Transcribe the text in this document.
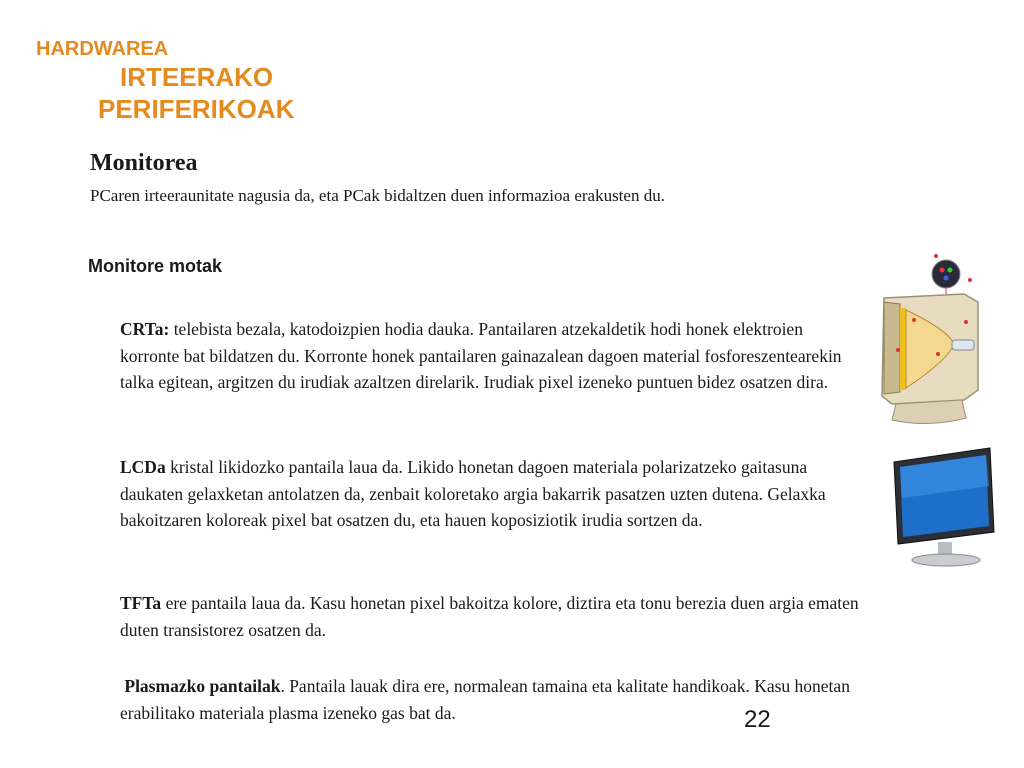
HARDWAREA
IRTEERAKO
PERIFERIKOAK
Monitorea
PCaren irteeraunitate nagusia da, eta PCak bidaltzen duen informazioa erakusten du.
Monitore motak
CRTa: telebista bezala, katodoizpien hodia dauka. Pantailaren atzekaldetik hodi honek elektroien korronte bat bildatzen du. Korronte honek pantailaren gainazalean dagoen material fosforeszentearekin talka egitean, argitzen du irudiak azaltzen direlarik. Irudiak pixel izeneko puntuen bidez osatzen dira.
LCDa kristal likidozko pantaila laua da. Likido honetan dagoen materiala polarizatzeko gaitasuna daukaten gelaxketan antolatzen da, zenbait koloretako argia bakarrik pasatzen uzten dutena. Gelaxka bakoitzaren koloreak pixel bat osatzen du, eta hauen koposiziotik irudia sortzen da.
TFTa ere pantaila laua da. Kasu honetan pixel bakoitza kolore, diztira eta tonu berezia duen argia ematen duten transistorez osatzen da.
Plasmazko pantailak. Pantaila lauak dira ere, normalean tamaina eta kalitate handikoak. Kasu honetan erabilitako materiala plasma izeneko gas bat da.	22
